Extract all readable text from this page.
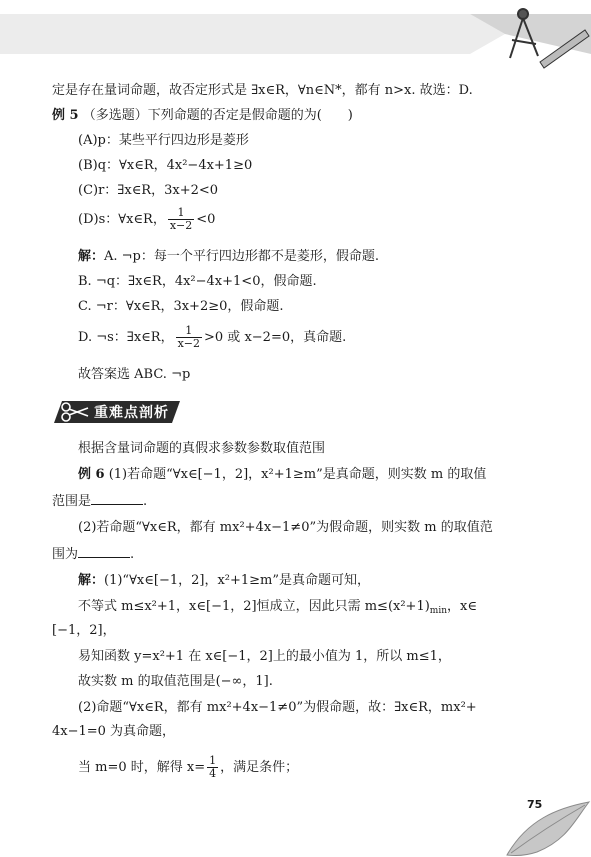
定是存在量词命题，故否定形式是 ∃x∈R，∀n∈N*，都有 n>x. 故选：D.
例 5 （多选题）下列命题的否定是假命题的为(　　)
(A)p：某些平行四边形是菱形
(B)q：∀x∈R，4x²−4x+1≥0
(C)r：∃x∈R，3x+2<0
(D)s：∀x∈R， $\frac{1}{x-2} <0$
解：A. ¬p：每一个平行四边形都不是菱形，假命题.
B. ¬q：∃x∈R，4x²−4x+1<0，假命题.
C. ¬r：∀x∈R，3x+2≥0，假命题.
D. ¬s：∃x∈R， $\frac{1}{x-2} >0$ 或 x−2=0，真命题.
故答案选 ABC. ¬p
重难点剖析
根据含量词命题的真假求参数参数取值范围
例 6 (1)若命题“∀x∈[−1，2]，x²+1≥m”是真命题，则实数 m 的取值
范围是	.
(2)若命题“∀x∈R，都有 mx²+4x−1≠0”为假命题，则实数 m 的取值范
围为	.
解：(1)“∀x∈[−1，2]，x²+1≥m”是真命题可知，
不等式 m≤x²+1，x∈[−1，2]恒成立，因此只需 $m\le(x^2+1)_{min}$，x∈
[−1，2]，
易知函数 y=x²+1 在 x∈[−1，2]上的最小值为 1，所以 m≤1，
故实数 m 的取值范围是(−∞，1].
(2)命题“∀x∈R，都有 mx²+4x−1≠0”为假命题，故：∃x∈R，mx²+
4x−1=0 为真命题，
当 m=0 时，解得 $x= \frac{1}{4}$ ，满足条件；
75
